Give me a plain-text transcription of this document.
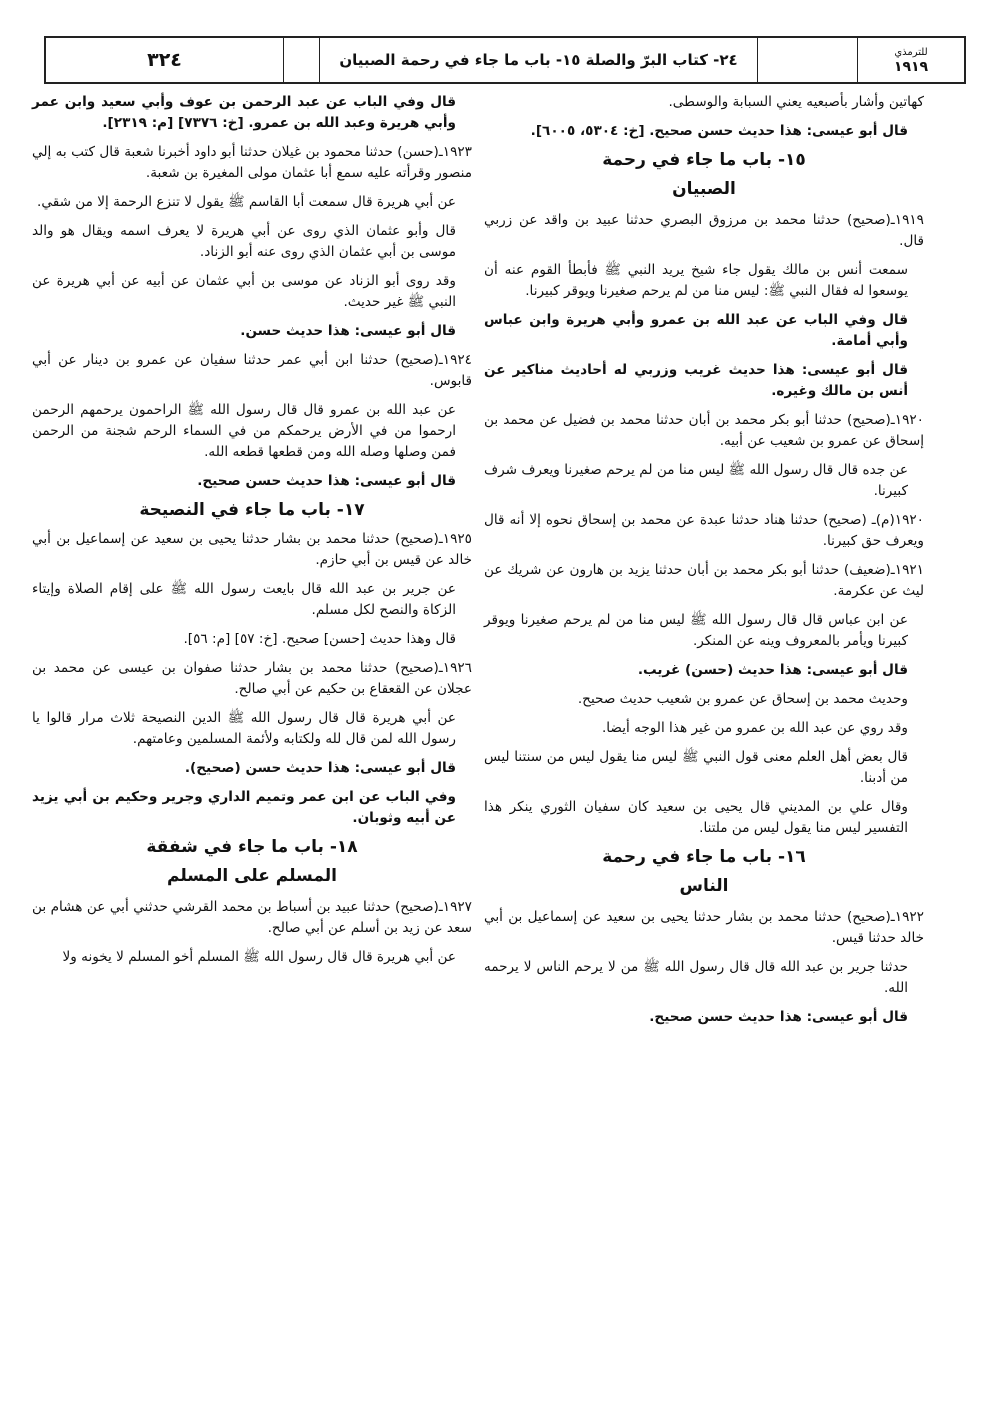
٣٢٤	٢٤- كتاب البرّ والصلة ١٥- باب ما جاء في رحمة الصبيان	للترمذي
١٩١٩

كهاتين وأشار بأصبعيه يعني السبابة والوسطى.

قال أبو عيسى: هذا حديث حسن صحيح. [خ: ٥٣٠٤، ٦٠٠٥].

١٥- باب ما جاء في رحمة

الصبيان

١٩١٩ـ(صحيح) حدثنا محمد بن مرزوق البصري حدثنا عبيد بن واقد عن زربي قال.

سمعت أنس بن مالك يقول جاء شيخ يريد النبي ﷺ فأبطأ القوم عنه أن يوسعوا له فقال النبي ﷺ: ليس منا من لم يرحم صغيرنا ويوقر كبيرنا.

قال وفي الباب عن عبد الله بن عمرو وأبي هريرة وابن عباس وأبي أمامة.

قال أبو عيسى: هذا حديث غريب وزربي له أحاديث مناكير عن أنس بن مالك وغيره.

١٩٢٠ـ(صحيح) حدثنا أبو بكر محمد بن أبان حدثنا محمد بن فضيل عن محمد بن إسحاق عن عمرو بن شعيب عن أبيه.

عن جده قال قال رسول الله ﷺ ليس منا من لم يرحم صغيرنا ويعرف شرف كبيرنا.

١٩٢٠(م)ـ (صحيح) حدثنا هناد حدثنا عبدة عن محمد بن إسحاق نحوه إلا أنه قال ويعرف حق كبيرنا.

١٩٢١ـ(ضعيف) حدثنا أبو بكر محمد بن أبان حدثنا يزيد بن هارون عن شريك عن ليث عن عكرمة.

عن ابن عباس قال قال رسول الله ﷺ ليس منا من لم يرحم صغيرنا ويوقر كبيرنا ويأمر بالمعروف وينه عن المنكر.

قال أبو عيسى: هذا حديث (حسن) غريب.

وحديث محمد بن إسحاق عن عمرو بن شعيب حديث صحيح.

وقد روي عن عبد الله بن عمرو من غير هذا الوجه أيضا.

قال بعض أهل العلم معنى قول النبي ﷺ ليس منا يقول ليس من سنتنا ليس من أدبنا.

وقال علي بن المديني قال يحيى بن سعيد كان سفيان الثوري ينكر هذا التفسير ليس منا يقول ليس من ملتنا.

١٦- باب ما جاء في رحمة

الناس

١٩٢٢ـ(صحيح) حدثنا محمد بن بشار حدثنا يحيى بن سعيد عن إسماعيل بن أبي خالد حدثنا قيس.

حدثنا جرير بن عبد الله قال قال رسول الله ﷺ من لا يرحم الناس لا يرحمه الله.

قال أبو عيسى: هذا حديث حسن صحيح.

قال وفي الباب عن عبد الرحمن بن عوف وأبي سعيد وابن عمر وأبي هريرة وعبد الله بن عمرو. [خ: ٧٣٧٦] [م: ٢٣١٩].

١٩٢٣ـ(حسن) حدثنا محمود بن غيلان حدثنا أبو داود أخبرنا شعبة قال كتب به إلي منصور وقرأته عليه سمع أبا عثمان مولى المغيرة بن شعبة.

عن أبي هريرة قال سمعت أبا القاسم ﷺ يقول لا تنزع الرحمة إلا من شقي.

قال وأبو عثمان الذي روى عن أبي هريرة لا يعرف اسمه ويقال هو والد موسى بن أبي عثمان الذي روى عنه أبو الزناد.

وقد روى أبو الزناد عن موسى بن أبي عثمان عن أبيه عن أبي هريرة عن النبي ﷺ غير حديث.

قال أبو عيسى: هذا حديث حسن.

١٩٢٤ـ(صحيح) حدثنا ابن أبي عمر حدثنا سفيان عن عمرو بن دينار عن أبي قابوس.

عن عبد الله بن عمرو قال قال رسول الله ﷺ الراحمون يرحمهم الرحمن ارحموا من في الأرض يرحمكم من في السماء الرحم شجنة من الرحمن فمن وصلها وصله الله ومن قطعها قطعه الله.

قال أبو عيسى: هذا حديث حسن صحيح.

١٧- باب ما جاء في النصيحة

١٩٢٥ـ(صحيح) حدثنا محمد بن بشار حدثنا يحيى بن سعيد عن إسماعيل بن أبي خالد عن قيس بن أبي حازم.

عن جرير بن عبد الله قال بايعت رسول الله ﷺ على إقام الصلاة وإيتاء الزكاة والنصح لكل مسلم.

قال وهذا حديث [حسن] صحيح. [خ: ٥٧] [م: ٥٦].

١٩٢٦ـ(صحيح) حدثنا محمد بن بشار حدثنا صفوان بن عيسى عن محمد بن عجلان عن القعقاع بن حكيم عن أبي صالح.

عن أبي هريرة قال قال رسول الله ﷺ الدين النصيحة ثلاث مرار قالوا يا رسول الله لمن قال لله ولكتابه ولأئمة المسلمين وعامتهم.

قال أبو عيسى: هذا حديث حسن (صحيح).

وفي الباب عن ابن عمر وتميم الداري وجرير وحكيم بن أبي يزيد عن أبيه وثوبان.

١٨- باب ما جاء في شفقة

المسلم على المسلم

١٩٢٧ـ(صحيح) حدثنا عبيد بن أسباط بن محمد القرشي حدثني أبي عن هشام بن سعد عن زيد بن أسلم عن أبي صالح.

عن أبي هريرة قال قال رسول الله ﷺ المسلم أخو المسلم لا يخونه ولا
